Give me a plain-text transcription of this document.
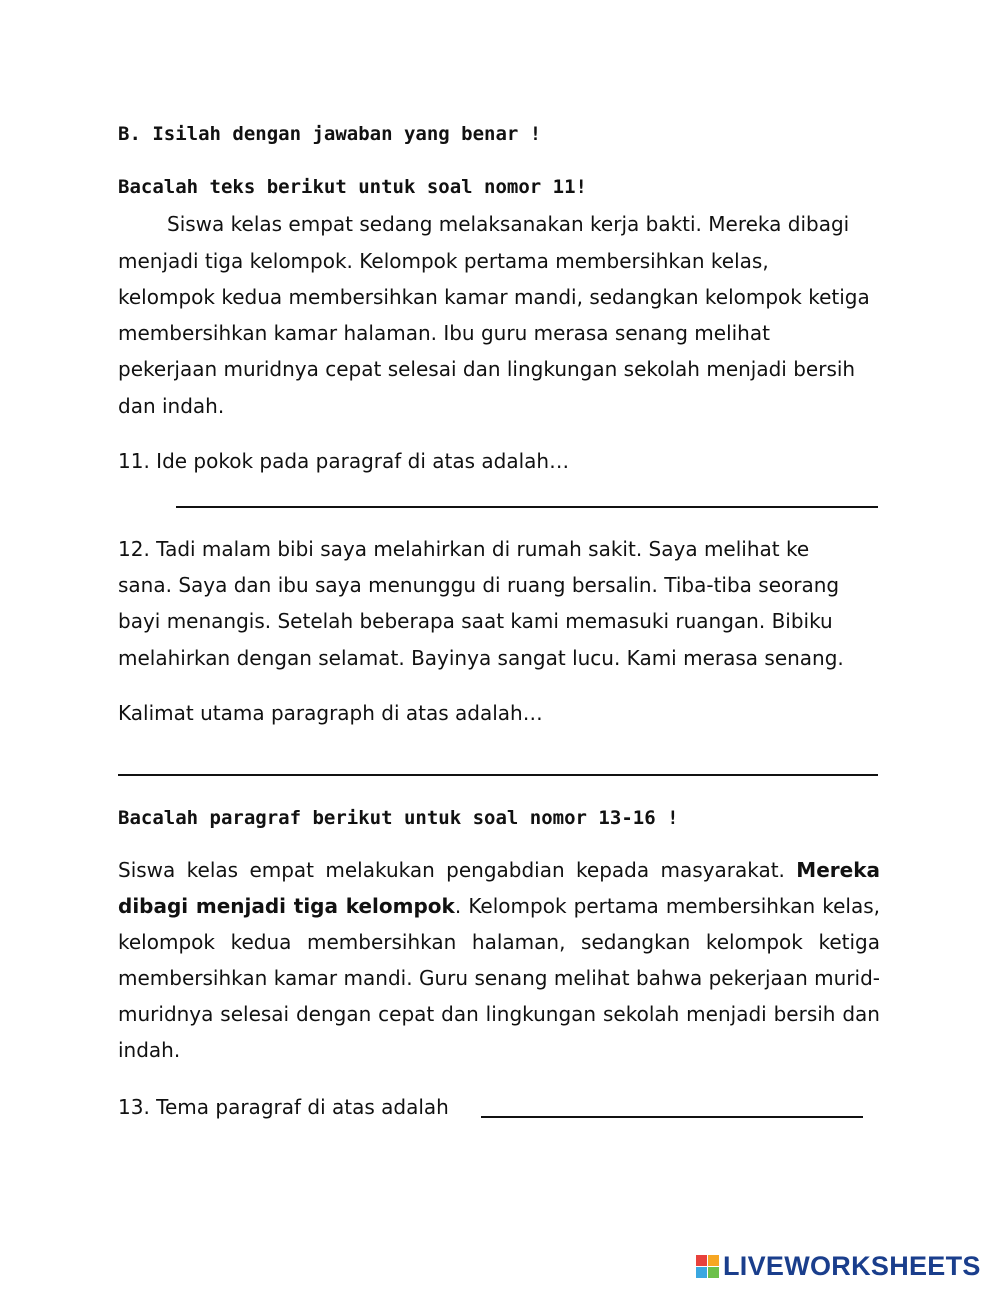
B. Isilah dengan jawaban yang benar !
Bacalah teks berikut untuk soal nomor 11!
Siswa kelas empat sedang melaksanakan kerja bakti. Mereka dibagi
menjadi tiga kelompok. Kelompok pertama membersihkan kelas,
kelompok kedua membersihkan kamar mandi, sedangkan kelompok ketiga
membersihkan kamar halaman. Ibu guru merasa senang melihat
pekerjaan muridnya cepat selesai dan lingkungan sekolah menjadi bersih
dan indah.
11. Ide pokok pada paragraf di atas adalah…
12. Tadi malam bibi saya melahirkan di rumah sakit. Saya melihat ke
sana. Saya dan ibu saya menunggu di ruang bersalin. Tiba-tiba seorang
bayi menangis. Setelah beberapa saat kami memasuki ruangan. Bibiku
melahirkan dengan selamat. Bayinya sangat lucu. Kami merasa senang.
Kalimat utama paragraph di atas adalah…
Bacalah paragraf berikut untuk soal nomor 13-16 !
Siswa kelas empat melakukan pengabdian kepada masyarakat. Mereka dibagi menjadi tiga kelompok. Kelompok pertama membersihkan kelas, kelompok kedua membersihkan halaman, sedangkan kelompok ketiga membersihkan kamar mandi. Guru senang melihat bahwa pekerjaan murid-muridnya selesai dengan cepat dan lingkungan sekolah menjadi bersih dan indah.
13. Tema paragraf di atas adalah
LIVEWORKSHEETS
